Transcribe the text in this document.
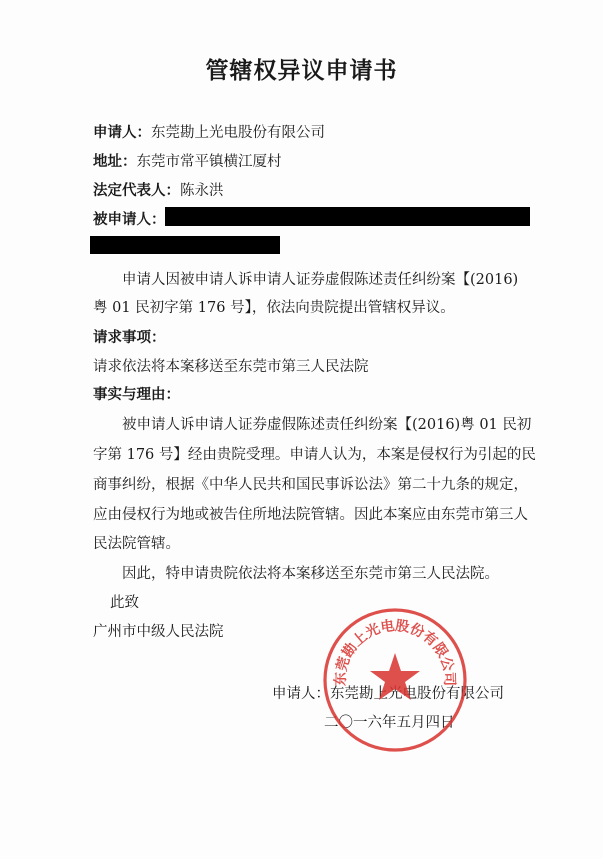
管辖权异议申请书
申请人：东莞勘上光电股份有限公司
地址：东莞市常平镇横江厦村
法定代表人：陈永洪
被申请人：
申请人因被申请人诉申请人证券虚假陈述责任纠纷案【(2016)
粤 01 民初字第 176 号】，依法向贵院提出管辖权异议。
请求事项：
请求依法将本案移送至东莞市第三人民法院
事实与理由：
被申请人诉申请人证券虚假陈述责任纠纷案【(2016)粤 01 民初
字第 176 号】经由贵院受理。申请人认为，本案是侵权行为引起的民
商事纠纷，根据《中华人民共和国民事诉讼法》第二十九条的规定，
应由侵权行为地或被告住所地法院管辖。因此本案应由东莞市第三人
民法院管辖。
因此，特申请贵院依法将本案移送至东莞市第三人民法院。
此致
广州市中级人民法院
申请人：东莞勘上光电股份有限公司
二〇一六年五月四日
东莞勘上光电股份有限公司
